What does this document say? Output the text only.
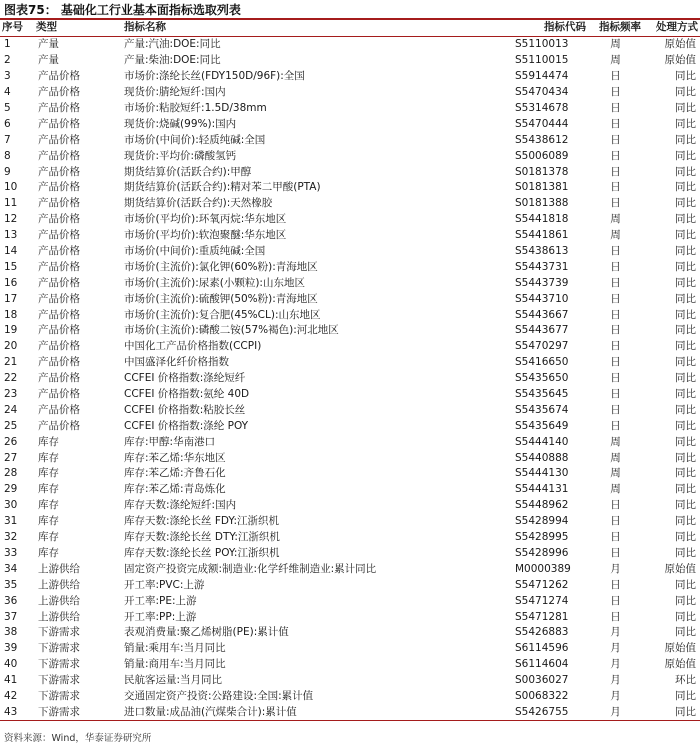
图表75： 基础化工行业基本面指标选取列表
序号	类型	指标名称	指标代码	指标频率	处理方式
1	产量	产量:汽油:DOE:同比	S5110013	周	原始值
2	产量	产量:柴油:DOE:同比	S5110015	周	原始值
3	产品价格	市场价:涤纶长丝(FDY150D/96F):全国	S5914474	日	同比
4	产品价格	现货价:腈纶短纤:国内	S5470434	日	同比
5	产品价格	市场价:粘胶短纤:1.5D/38mm	S5314678	日	同比
6	产品价格	现货价:烧碱(99%):国内	S5470444	日	同比
7	产品价格	市场价(中间价):轻质纯碱:全国	S5438612	日	同比
8	产品价格	现货价:平均价:磷酸氢钙	S5006089	日	同比
9	产品价格	期货结算价(活跃合约):甲醇	S0181378	日	同比
10	产品价格	期货结算价(活跃合约):精对苯二甲酸(PTA)	S0181381	日	同比
11	产品价格	期货结算价(活跃合约):天然橡胶	S0181388	日	同比
12	产品价格	市场价(平均价):环氧丙烷:华东地区	S5441818	周	同比
13	产品价格	市场价(平均价):软泡聚醚:华东地区	S5441861	周	同比
14	产品价格	市场价(中间价):重质纯碱:全国	S5438613	日	同比
15	产品价格	市场价(主流价):氯化钾(60%粉):青海地区	S5443731	日	同比
16	产品价格	市场价(主流价):尿素(小颗粒):山东地区	S5443739	日	同比
17	产品价格	市场价(主流价):硫酸钾(50%粉):青海地区	S5443710	日	同比
18	产品价格	市场价(主流价):复合肥(45%CL):山东地区	S5443667	日	同比
19	产品价格	市场价(主流价):磷酸二铵(57%褐色):河北地区	S5443677	日	同比
20	产品价格	中国化工产品价格指数(CCPI)	S5470297	日	同比
21	产品价格	中国盛泽化纤价格指数	S5416650	日	同比
22	产品价格	CCFEI 价格指数:涤纶短纤	S5435650	日	同比
23	产品价格	CCFEI 价格指数:氨纶 40D	S5435645	日	同比
24	产品价格	CCFEI 价格指数:粘胶长丝	S5435674	日	同比
25	产品价格	CCFEI 价格指数:涤纶 POY	S5435649	日	同比
26	库存	库存:甲醇:华南港口	S5444140	周	同比
27	库存	库存:苯乙烯:华东地区	S5440888	周	同比
28	库存	库存:苯乙烯:齐鲁石化	S5444130	周	同比
29	库存	库存:苯乙烯:青岛炼化	S5444131	周	同比
30	库存	库存天数:涤纶短纤:国内	S5448962	日	同比
31	库存	库存天数:涤纶长丝 FDY:江浙织机	S5428994	日	同比
32	库存	库存天数:涤纶长丝 DTY:江浙织机	S5428995	日	同比
33	库存	库存天数:涤纶长丝 POY:江浙织机	S5428996	日	同比
34	上游供给	固定资产投资完成额:制造业:化学纤维制造业:累计同比	M0000389	月	原始值
35	上游供给	开工率:PVC:上游	S5471262	日	同比
36	上游供给	开工率:PE:上游	S5471274	日	同比
37	上游供给	开工率:PP:上游	S5471281	日	同比
38	下游需求	表观消费量:聚乙烯树脂(PE):累计值	S5426883	月	同比
39	下游需求	销量:乘用车:当月同比	S6114596	月	原始值
40	下游需求	销量:商用车:当月同比	S6114604	月	原始值
41	下游需求	民航客运量:当月同比	S0036027	月	环比
42	下游需求	交通固定资产投资:公路建设:全国:累计值	S0068322	月	同比
43	下游需求	进口数量:成品油(汽煤柴合计):累计值	S5426755	月	同比
资料来源：Wind，华泰证券研究所
